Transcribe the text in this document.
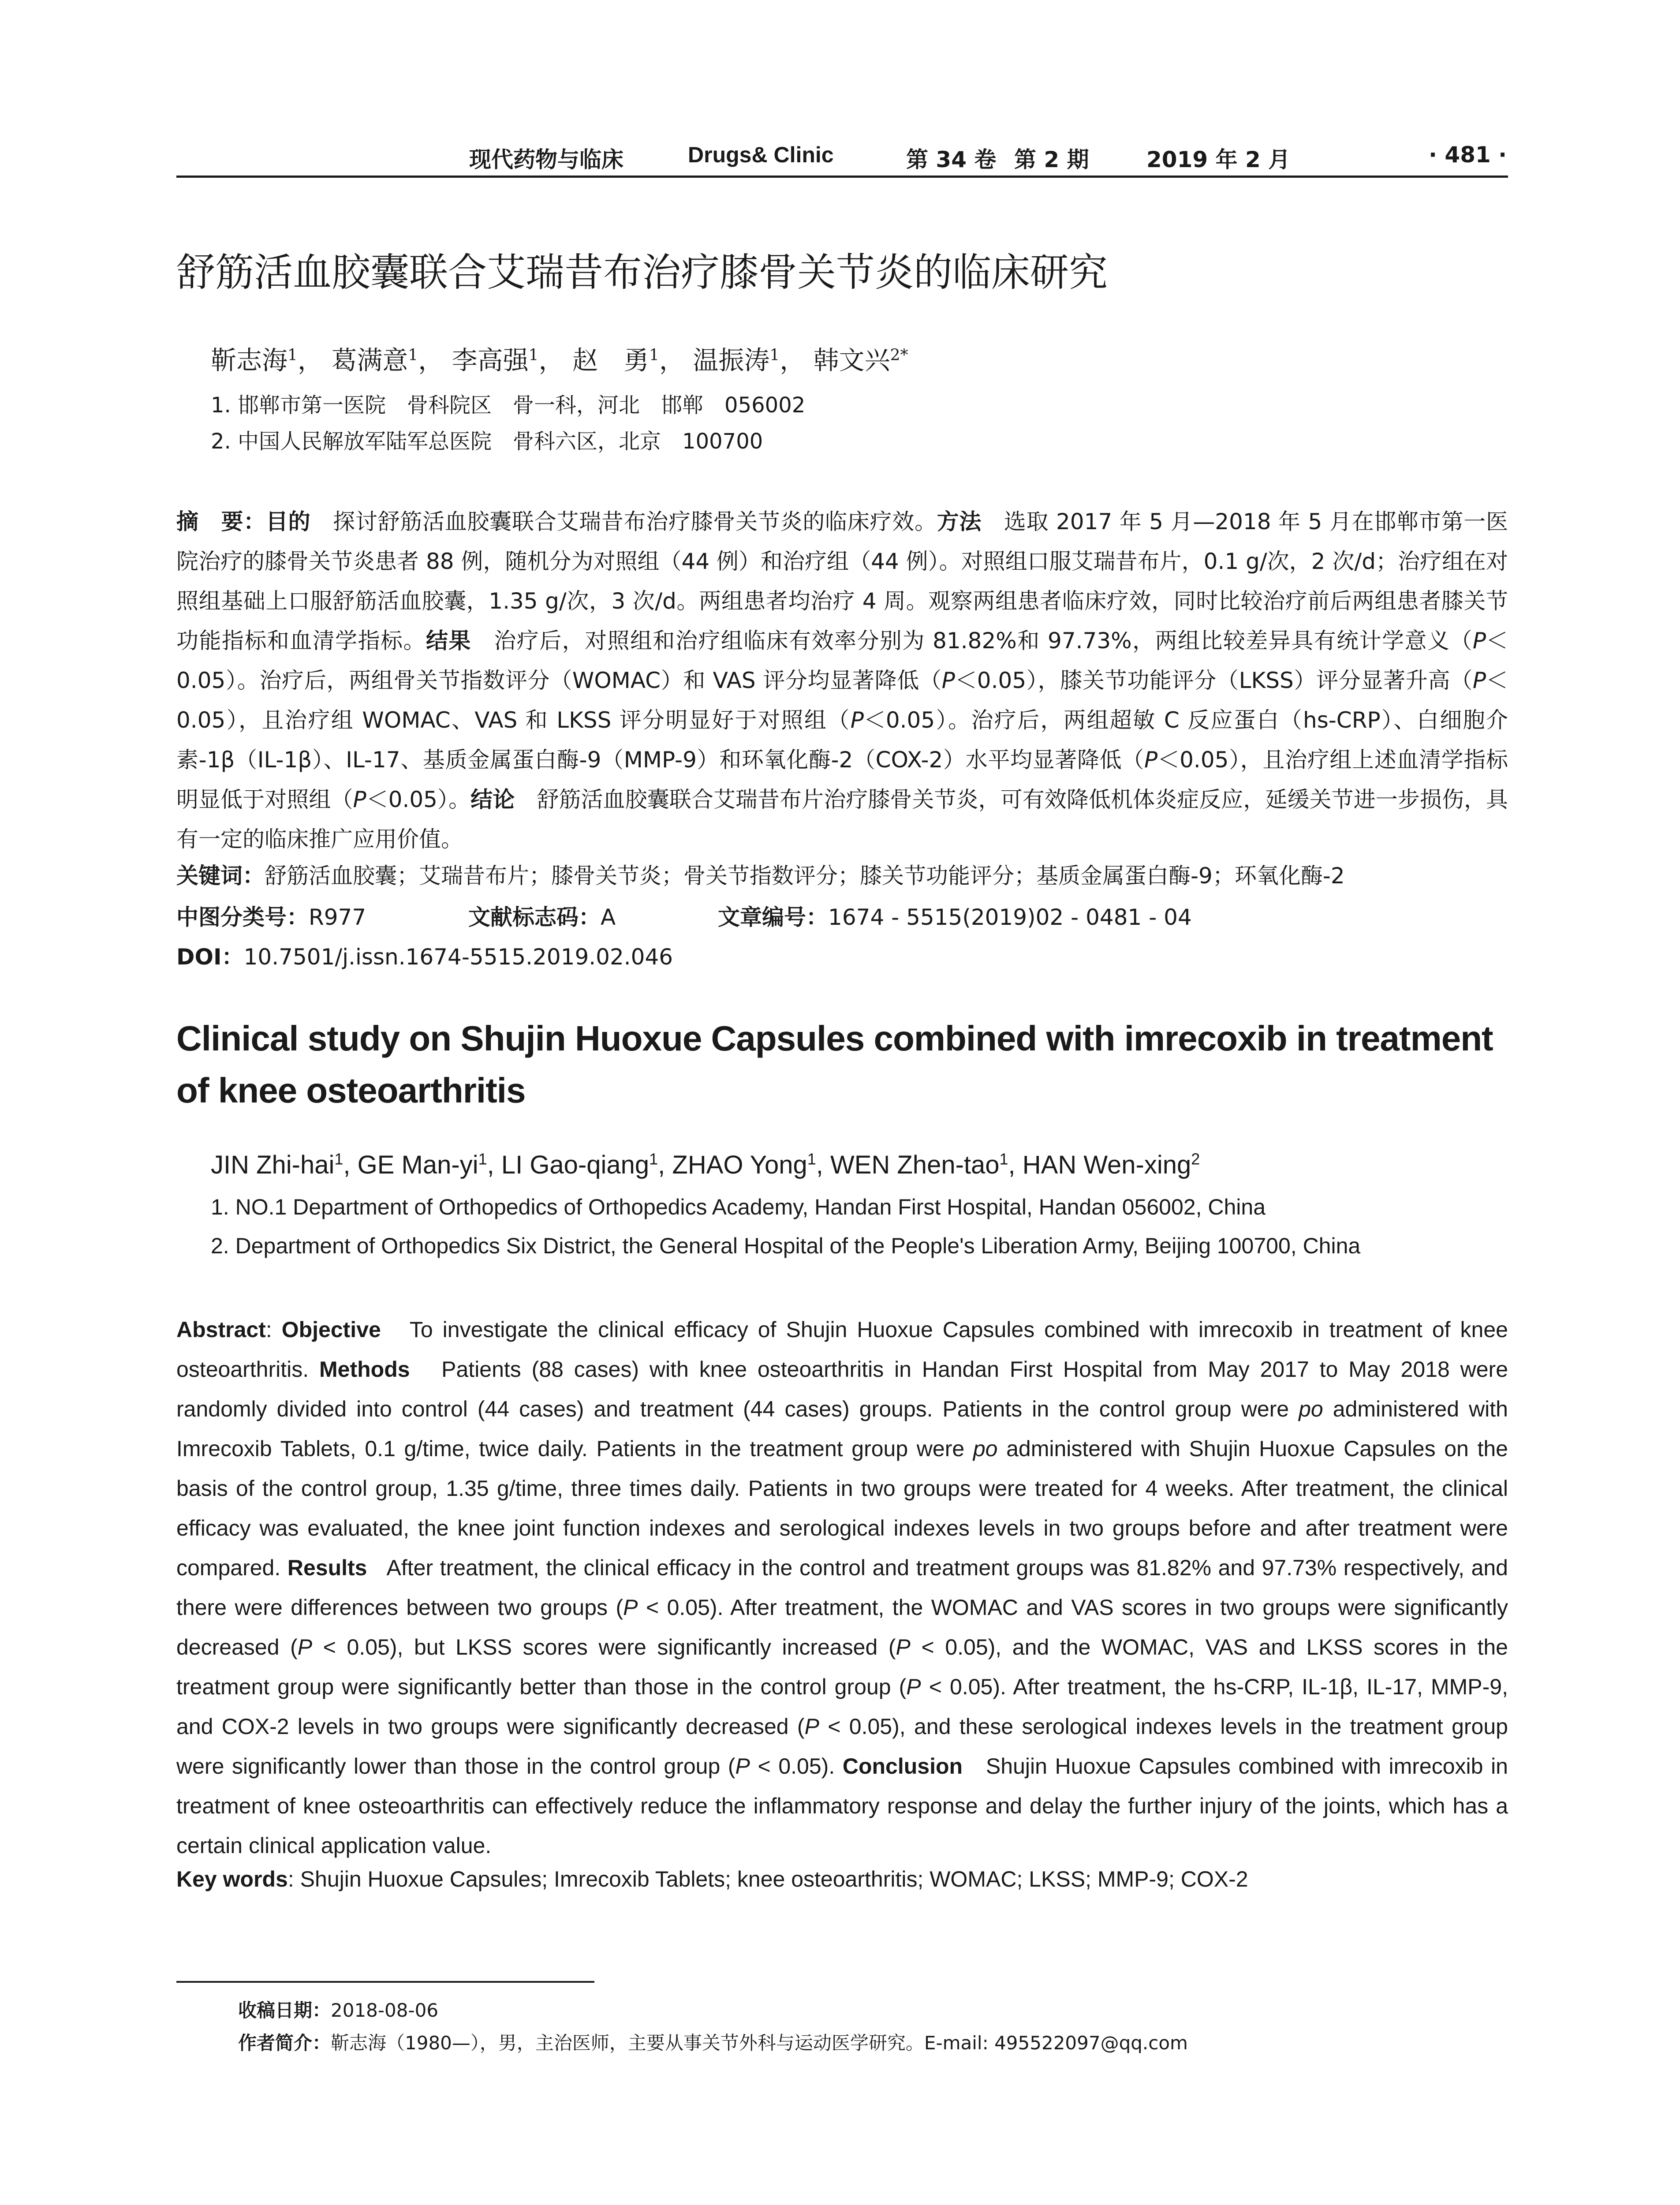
现代药物与临床	Drugs& Clinic	第 34 卷 第 2 期	2019 年 2 月	· 481 ·
舒筋活血胶囊联合艾瑞昔布治疗膝骨关节炎的临床研究
靳志海$^1$， 葛满意$^1$， 李高强$^1$， 赵　勇$^1$， 温振涛$^1$， 韩文兴$^{2*}$
1. 邯郸市第一医院　骨科院区　骨一科，河北　邯郸　056002
2. 中国人民解放军陆军总医院　骨科六区，北京　100700
摘　要：目的　 探讨舒筋活血胶囊联合艾瑞昔布治疗膝骨关节炎的临床疗效。方法　 选取 2017 年 5 月—2018 年 5 月在邯郸市第一医院治疗的膝骨关节炎患者 88 例，随机分为对照组（44 例）和治疗组（44 例）。对照组口服艾瑞昔布片，0.1 g/次，2 次/d；治疗组在对照组基础上口服舒筋活血胶囊，1.35 g/次，3 次/d。两组患者均治疗 4 周。观察两组患者临床疗效，同时比较治疗前后两组患者膝关节功能指标和血清学指标。结果　 治疗后，对照组和治疗组临床有效率分别为 81.82%和 97.73%，两组比较差异具有统计学意义（P＜0.05）。治疗后，两组骨关节指数评分（WOMAC）和 VAS 评分均显著降低（P＜0.05），膝关节功能评分（LKSS）评分显著升高（P＜0.05），且治疗组 WOMAC、VAS 和 LKSS 评分明显好于对照组（P＜0.05）。治疗后，两组超敏 C 反应蛋白（hs-CRP）、白细胞介素-1β（IL-1β）、IL-17、基质金属蛋白酶-9（MMP-9）和环氧化酶-2（COX-2）水平均显著降低（P＜0.05），且治疗组上述血清学指标明显低于对照组（P＜0.05）。结论　 舒筋活血胶囊联合艾瑞昔布片治疗膝骨关节炎，可有效降低机体炎症反应，延缓关节进一步损伤，具有一定的临床推广应用价值。
关键词：舒筋活血胶囊；艾瑞昔布片；膝骨关节炎；骨关节指数评分；膝关节功能评分；基质金属蛋白酶-9；环氧化酶-2
中图分类号：R977	文献标志码：A	文章编号：1674 - 5515(2019)02 - 0481 - 04
DOI：10.7501/j.issn.1674-5515.2019.02.046
Clinical study on Shujin Huoxue Capsules combined with imrecoxib in treatment of knee osteoarthritis
JIN Zhi-hai$^1$, GE Man-$yi^1$, LI Gao-qiang$^1$, ZHAO Yong$^1$, WEN Zhen-tao$^1$, HAN Wen-xing$^2$
1. NO.1 Department of Orthopedics of Orthopedics Academy, Handan First Hospital, Handan 056002, China
2. Department of Orthopedics Six District, the General Hospital of the People's Liberation Army, Beijing 100700, China
Abstract: Objective To investigate the clinical efficacy of Shujin Huoxue Capsules combined with imrecoxib in treatment of knee osteoarthritis. Methods Patients (88 cases) with knee osteoarthritis in Handan First Hospital from May 2017 to May 2018 were randomly divided into control (44 cases) and treatment (44 cases) groups. Patients in the control group were po administered with Imrecoxib Tablets, 0.1 g/time, twice daily. Patients in the treatment group were po administered with Shujin Huoxue Capsules on the basis of the control group, 1.35 g/time, three times daily. Patients in two groups were treated for 4 weeks. After treatment, the clinical efficacy was evaluated, the knee joint function indexes and serological indexes levels in two groups before and after treatment were compared. Results After treatment, the clinical efficacy in the control and treatment groups was 81.82% and 97.73% respectively, and there were differences between two groups (P < 0.05). After treatment, the WOMAC and VAS scores in two groups were significantly decreased (P < 0.05), but LKSS scores were significantly increased (P < 0.05), and the WOMAC, VAS and LKSS scores in the treatment group were significantly better than those in the control group (P < 0.05). After treatment, the hs-CRP, IL-1β, IL-17, MMP-9, and COX-2 levels in two groups were significantly decreased (P < 0.05), and these serological indexes levels in the treatment group were significantly lower than those in the control group (P < 0.05). Conclusion Shujin Huoxue Capsules combined with imrecoxib in treatment of knee osteoarthritis can effectively reduce the inflammatory response and delay the further injury of the joints, which has a certain clinical application value.
Key words: Shujin Huoxue Capsules; Imrecoxib Tablets; knee osteoarthritis; WOMAC; LKSS; MMP-9; COX-2
收稿日期：2018-08-06
作者简介：靳志海（1980—），男，主治医师，主要从事关节外科与运动医学研究。E-mail: 495522097@qq.com
